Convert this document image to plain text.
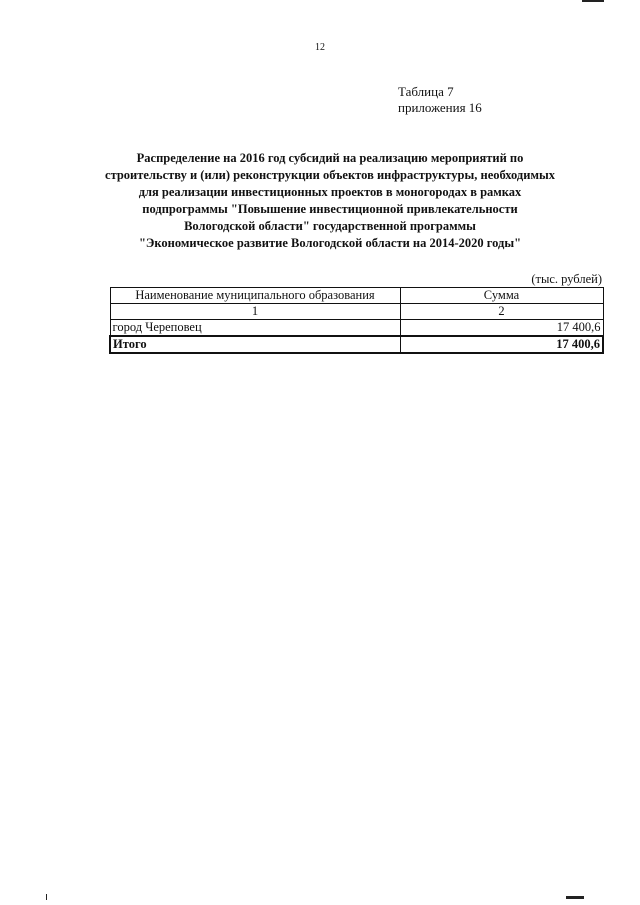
12
Таблица 7
приложения 16
Распределение на 2016 год субсидий на реализацию мероприятий по
строительству и (или) реконструкции объектов инфраструктуры, необходимых
для реализации инвестиционных проектов в моногородах в рамках
подпрограммы "Повышение инвестиционной привлекательности
Вологодской области" государственной программы
"Экономическое развитие Вологодской области на 2014-2020 годы"
(тыс. рублей)
Наименование муниципального образования	Сумма
1	2
город Череповец	17 400,6
Итого	17 400,6
